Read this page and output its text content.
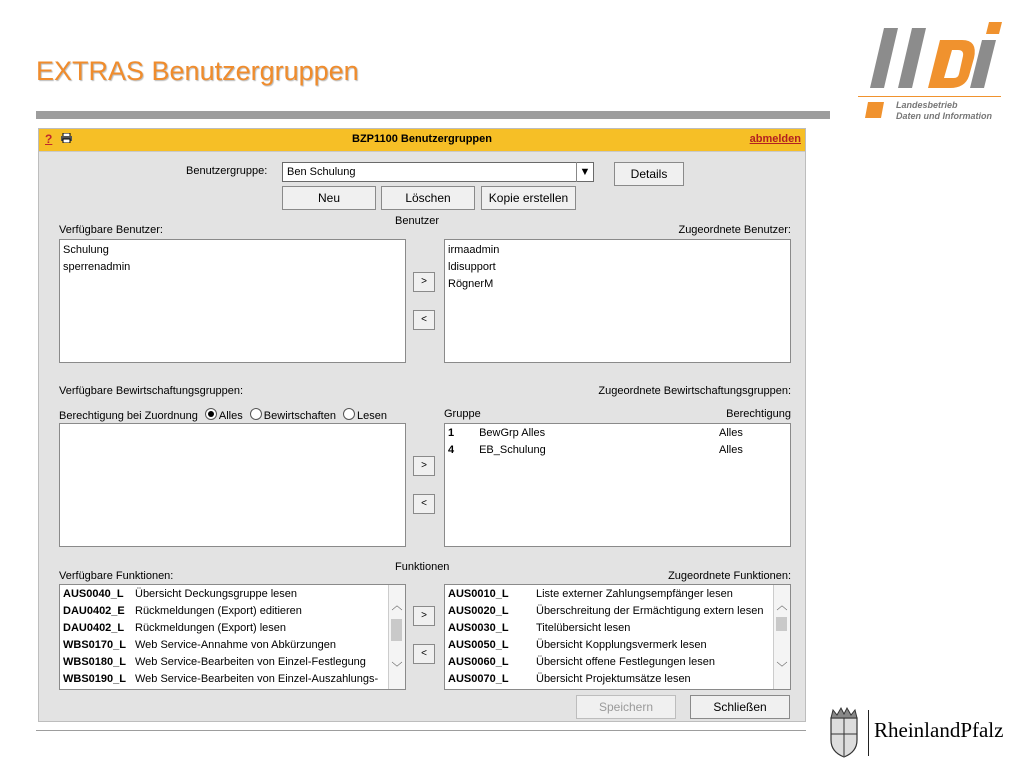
EXTRAS Benutzergruppen
Landesbetrieb
Daten und Information
?	BZP1100 Benutzergruppen	abmelden
Benutzergruppe: Ben Schulung	▼	Details
Neu	Löschen	Kopie erstellen
Benutzer
Verfügbare Benutzer:	Zugeordnete Benutzer:
Schulung
sperrenadmin
>
<
irmaadmin
ldisupport
RögnerM
Verfügbare Bewirtschaftungsgruppen:	Zugeordnete Bewirtschaftungsgruppen:
Berechtigung bei Zuordnung Alles Bewirtschaften Lesen	Gruppe	Berechtigung
>
<
1 BewGrp Alles	Alles
4 EB_Schulung	Alles
Funktionen
Verfügbare Funktionen:	Zugeordnete Funktionen:
AUS0040_L Übersicht Deckungsgruppe lesen
DAU0402_E Rückmeldungen (Export) editieren
DAU0402_L Rückmeldungen (Export) lesen
WBS0170_L Web Service-Annahme von Abkürzungen
WBS0180_L Web Service-Bearbeiten von Einzel-Festlegung
WBS0190_L Web Service-Bearbeiten von Einzel-Auszahlungs-
︿
﹀
>
<
AUS0010_L Liste externer Zahlungsempfänger lesen
AUS0020_L Überschreitung der Ermächtigung extern lesen
AUS0030_L Titelübersicht lesen
AUS0050_L Übersicht Kopplungsvermerk lesen
AUS0060_L Übersicht offene Festlegungen lesen
AUS0070_L Übersicht Projektumsätze lesen
︿
﹀
Speichern	Schließen
RheinlandPfalz
